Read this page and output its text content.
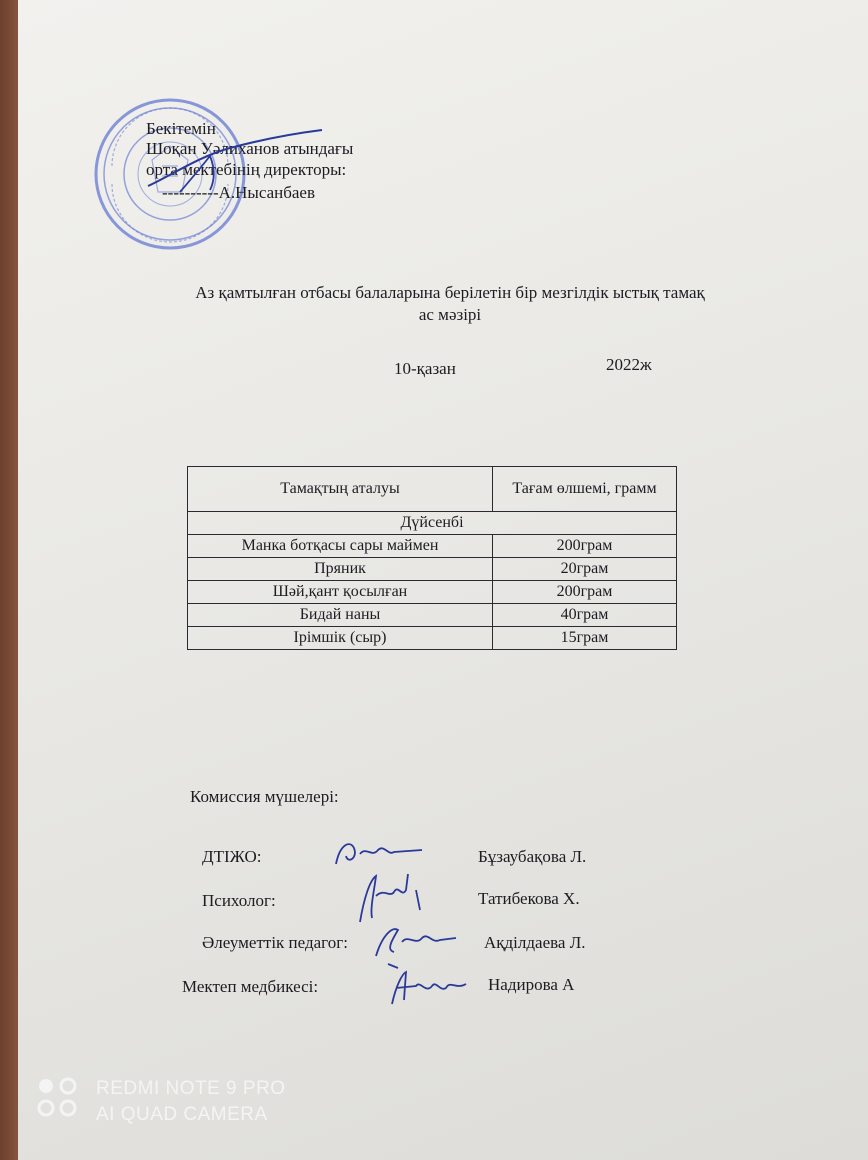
Бекітемін
Шоқан Уәлиханов атындағы
орта мектебінің директоры:
----------А.Нысанбаев
Аз қамтылған отбасы балаларына берілетін бір мезгілдік ыстық тамақ
ас мәзірі
10-қазан	2022ж
Тамақтың аталуы	Тағам өлшемі, грамм
Дүйсенбі	
Манка ботқасы сары маймен	200грам
Пряник	20грам
Шәй,қант қосылған	200грам
Бидай наны	40грам
Ірімшік (сыр)	15грам
Комиссия мүшелері:
ДТІЖО:	Бұзаубақова Л.
Психолог:	Татибекова Х.
Әлеуметтік педагог:	Ақділдаева Л.
Мектеп медбикесі:	Надирова А
REDMI NOTE 9 PRO
AI QUAD CAMERA
